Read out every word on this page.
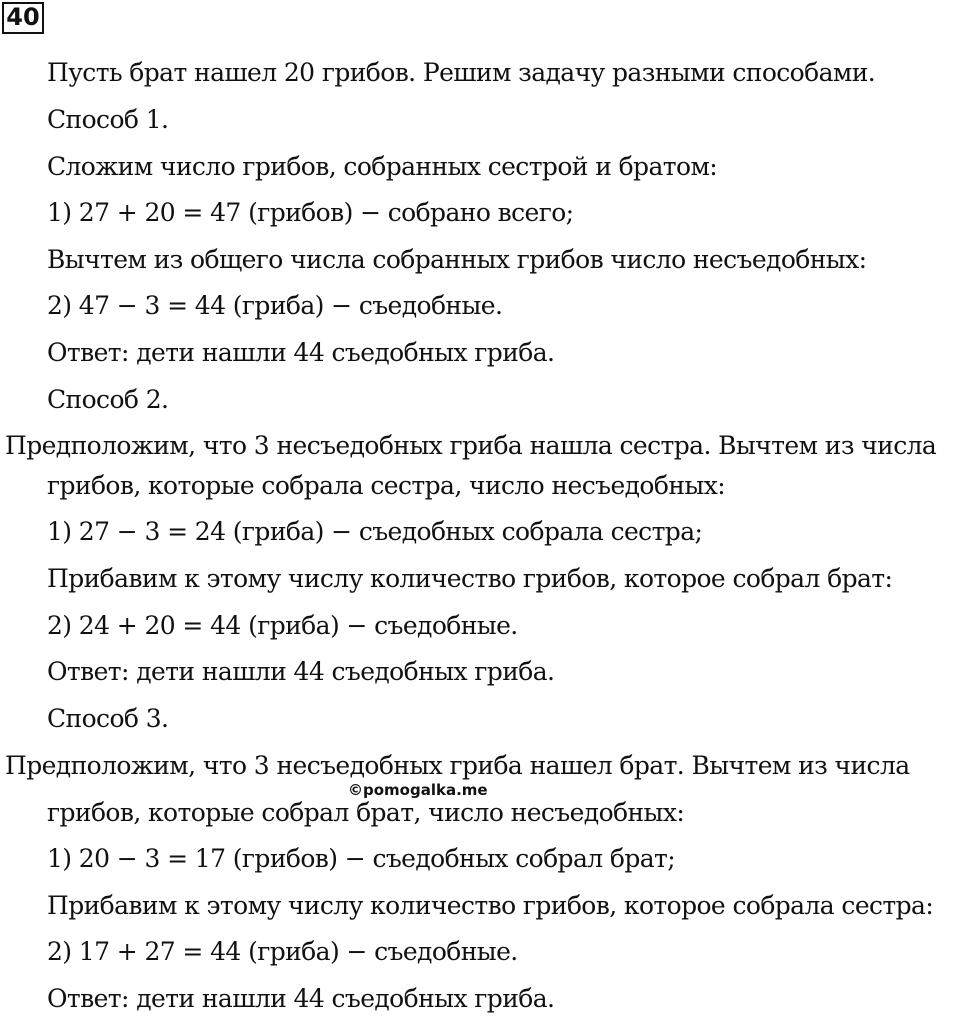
40
Пусть брат нашел 20 грибов. Решим задачу разными способами.
Способ 1.
Сложим число грибов, собранных сестрой и братом:
1) 27 + 20 = 47 (грибов) − собрано всего;
Вычтем из общего числа собранных грибов число несъедобных:
2) 47 − 3 = 44 (гриба) − съедобные.
Ответ: дети нашли 44 съедобных гриба.
Способ 2.
Предположим, что 3 несъедобных гриба нашла сестра. Вычтем из числа
грибов, которые собрала сестра, число несъедобных:
1) 27 − 3 = 24 (гриба) − съедобных собрала сестра;
Прибавим к этому числу количество грибов, которое собрал брат:
2) 24 + 20 = 44 (гриба) − съедобные.
Ответ: дети нашли 44 съедобных гриба.
Способ 3.
Предположим, что 3 несъедобных гриба нашел брат. Вычтем из числа
©pomogalka.me
грибов, которые собрал брат, число несъедобных:
1) 20 − 3 = 17 (грибов) − съедобных собрал брат;
Прибавим к этому числу количество грибов, которое собрала сестра:
2) 17 + 27 = 44 (гриба) − съедобные.
Ответ: дети нашли 44 съедобных гриба.
